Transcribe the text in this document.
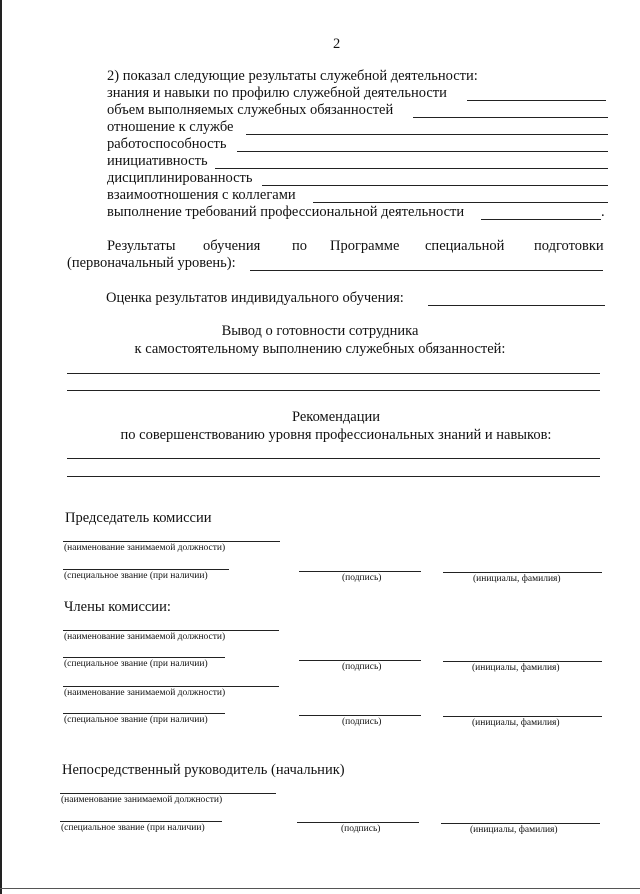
2
2) показал следующие результаты служебной деятельности:
знания и навыки по профилю служебной деятельности
объем выполняемых служебных обязанностей
отношение к службе
работоспособность
инициативность
дисциплинированность
взаимоотношения с коллегами
выполнение требований профессиональной деятельности	.
Результаты обучения по Программе специальной подготовки
(первоначальный уровень):
Оценка результатов индивидуального обучения:
Вывод о готовности сотрудника
к самостоятельному выполнению служебных обязанностей:
Рекомендации
по совершенствованию уровня профессиональных знаний и навыков:
Председатель комиссии
(наименование занимаемой должности)
(специальное звание (при наличии)	(подпись)	(инициалы, фамилия)
Члены комиссии:
(наименование занимаемой должности)
(специальное звание (при наличии)	(подпись)	(инициалы, фамилия)
(наименование занимаемой должности)
(специальное звание (при наличии)	(подпись)	(инициалы, фамилия)
Непосредственный руководитель (начальник)
(наименование занимаемой должности)
(специальное звание (при наличии)	(подпись)	(инициалы, фамилия)
